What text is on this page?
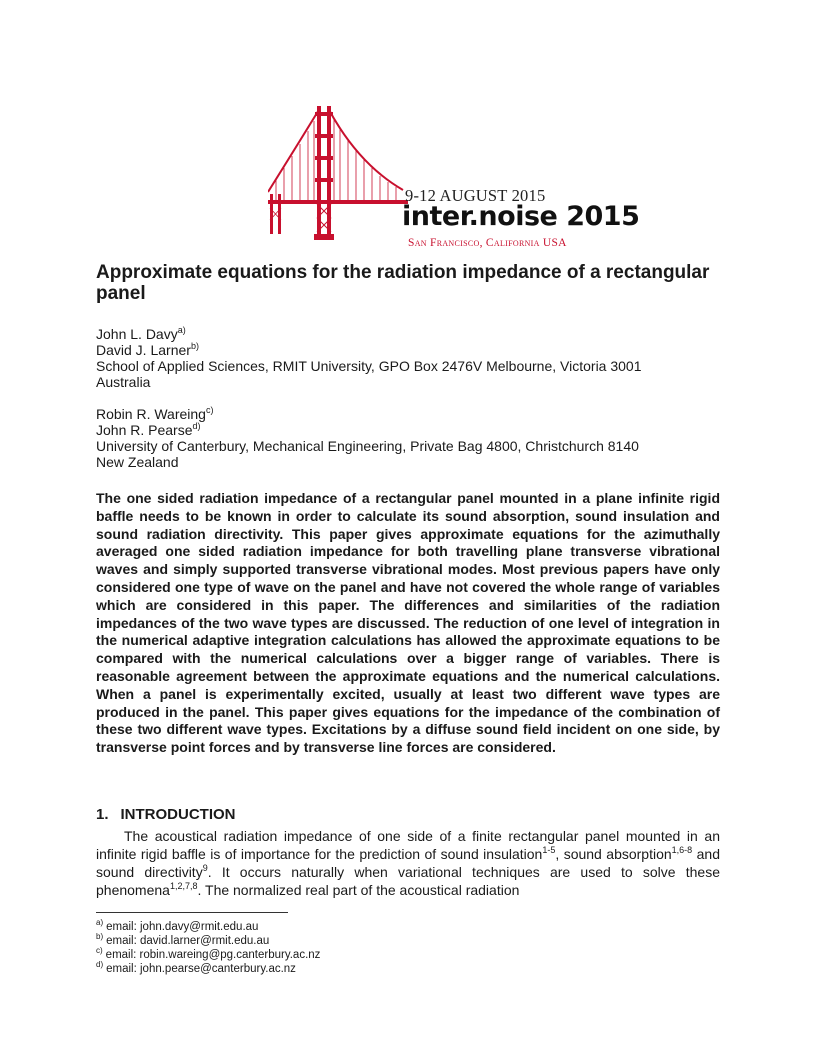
9-12 AUGUST 2015
inter.noise 2015
San Francisco, California USA
Approximate equations for the radiation impedance of a rectangular panel
John L. Davy$^{a)}$
David J. Larner$^{b)}$
School of Applied Sciences, RMIT University, GPO Box 2476V Melbourne, Victoria 3001
Australia
Robin R. Wareing$^{c)}$
John R. Pearse$^{d)}$
University of Canterbury, Mechanical Engineering, Private Bag 4800, Christchurch 8140
New Zealand

The one sided radiation impedance of a rectangular panel mounted in a plane infinite rigid baffle needs to be known in order to calculate its sound absorption, sound insulation and sound radiation directivity. This paper gives approximate equations for the azimuthally averaged one sided radiation impedance for both travelling plane transverse vibrational waves and simply supported transverse vibrational modes. Most previous papers have only considered one type of wave on the panel and have not covered the whole range of variables which are considered in this paper. The differences and similarities of the radiation impedances of the two wave types are discussed. The reduction of one level of integration in the numerical adaptive integration calculations has allowed the approximate equations to be compared with the numerical calculations over a bigger range of variables. There is reasonable agreement between the approximate equations and the numerical calculations. When a panel is experimentally excited, usually at least two different wave types are produced in the panel. This paper gives equations for the impedance of the combination of these two different wave types. Excitations by a diffuse sound field incident on one side, by transverse point forces and by transverse line forces are considered.

1. INTRODUCTION

The acoustical radiation impedance of one side of a finite rectangular panel mounted in an infinite rigid baffle is of importance for the prediction of sound insulation$^{1-5}$, sound absorption$^{1,6-8}$ and sound directivity$^9$. It occurs naturally when variational techniques are used to solve these phenomena$^{1,2,7,8}$. The normalized real part of the acoustical radiation

$^{a)}$ email: john.davy@rmit.edu.au
$^{b)}$ email: david.larner@rmit.edu.au
$^{c)}$ email: robin.wareing@pg.canterbury.ac.nz
$^{d)}$ email: john.pearse@canterbury.ac.nz
